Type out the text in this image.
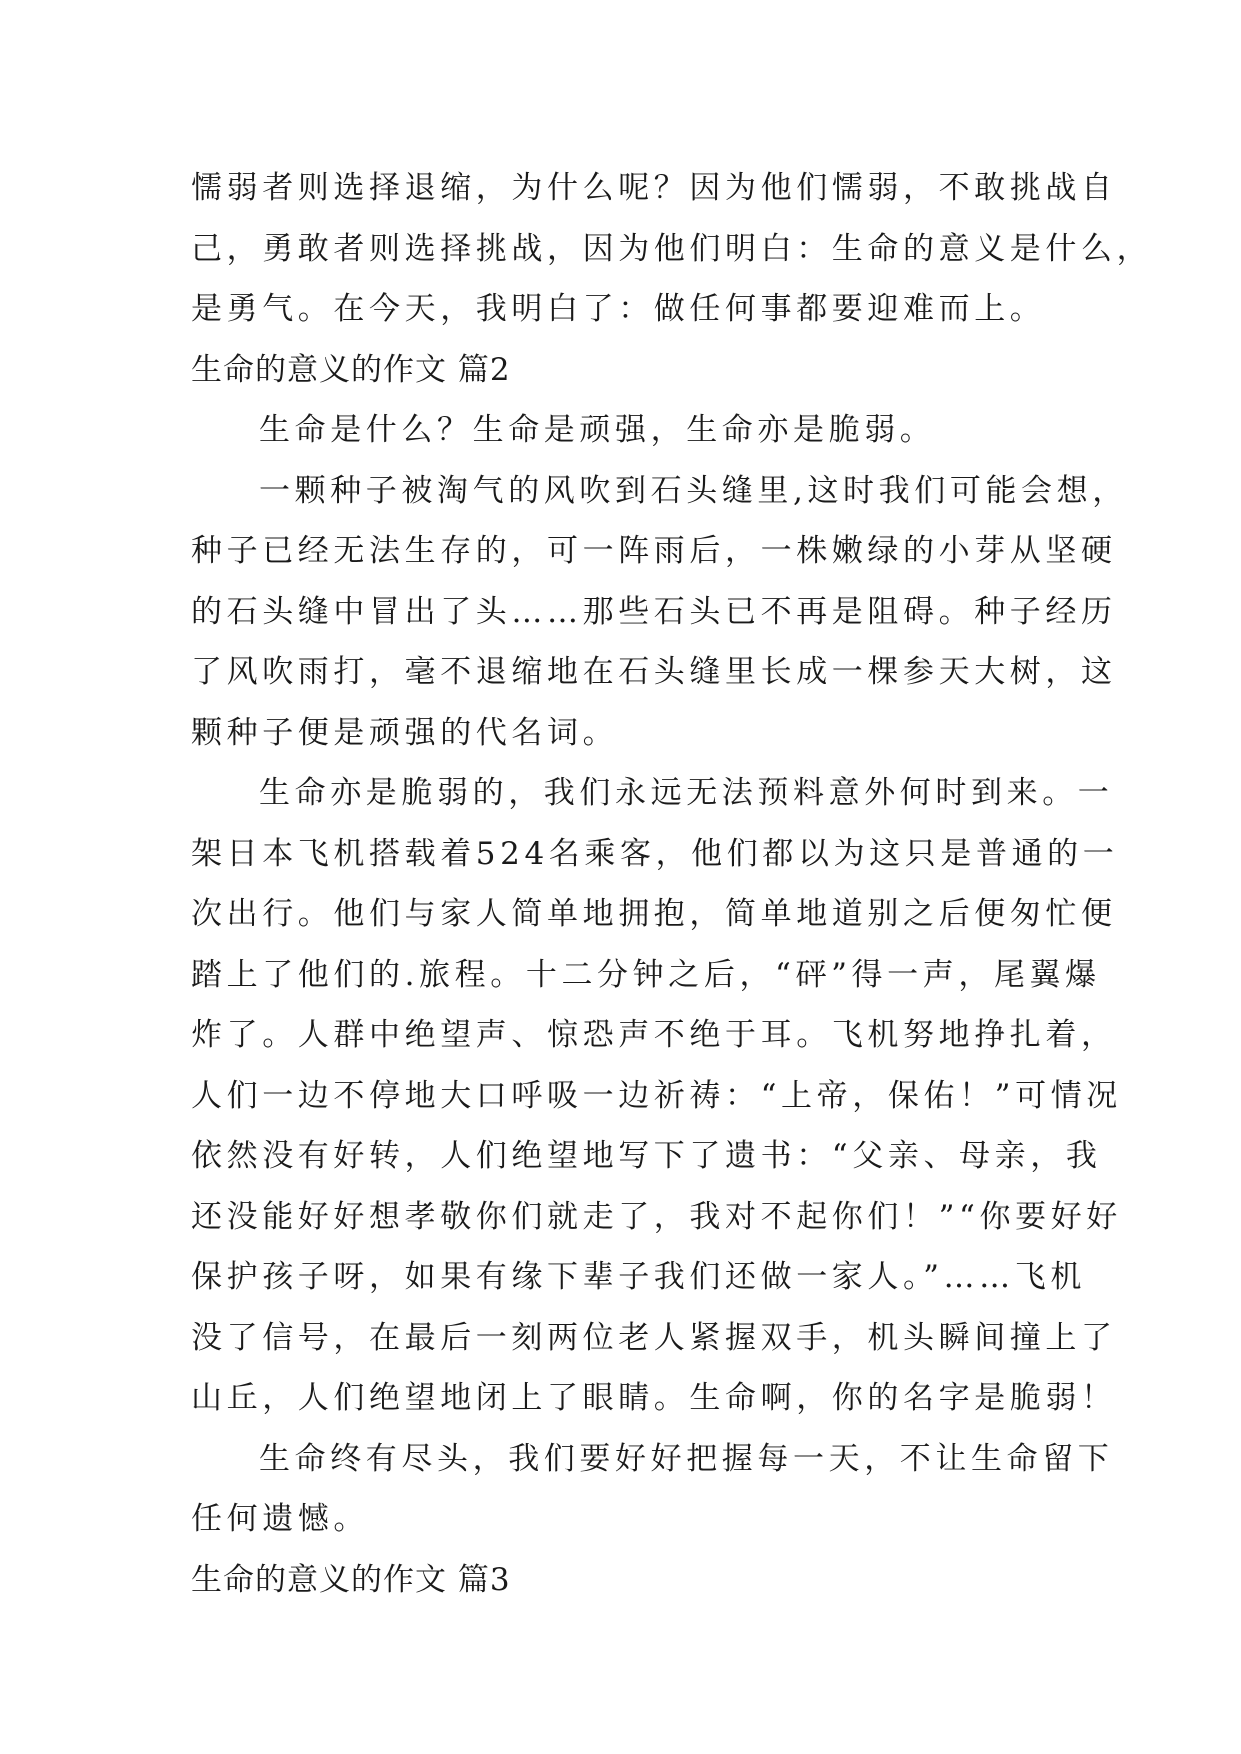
懦弱者则选择退缩，为什么呢？因为他们懦弱，不敢挑战自
己，勇敢者则选择挑战，因为他们明白：生命的意义是什么，
是勇气。在今天，我明白了：做任何事都要迎难而上。
生命的意义的作文 篇2
生命是什么？生命是顽强，生命亦是脆弱。
一颗种子被淘气的风吹到石头缝里,这时我们可能会想，
种子已经无法生存的，可一阵雨后，一株嫩绿的小芽从坚硬
的石头缝中冒出了头……那些石头已不再是阻碍。种子经历
了风吹雨打，毫不退缩地在石头缝里长成一棵参天大树，这
颗种子便是顽强的代名词。
生命亦是脆弱的，我们永远无法预料意外何时到来。一
架日本飞机搭载着524名乘客，他们都以为这只是普通的一
次出行。他们与家人简单地拥抱，简单地道别之后便匆忙便
踏上了他们的.旅程。十二分钟之后，“砰”得一声，尾翼爆
炸了。人群中绝望声、惊恐声不绝于耳。飞机努地挣扎着，
人们一边不停地大口呼吸一边祈祷：“上帝，保佑！”可情况
依然没有好转，人们绝望地写下了遗书：“父亲、母亲，我
还没能好好想孝敬你们就走了，我对不起你们！”“你要好好
保护孩子呀，如果有缘下辈子我们还做一家人。”……飞机
没了信号，在最后一刻两位老人紧握双手，机头瞬间撞上了
山丘，人们绝望地闭上了眼睛。生命啊，你的名字是脆弱！
生命终有尽头，我们要好好把握每一天，不让生命留下
任何遗憾。
生命的意义的作文 篇3
